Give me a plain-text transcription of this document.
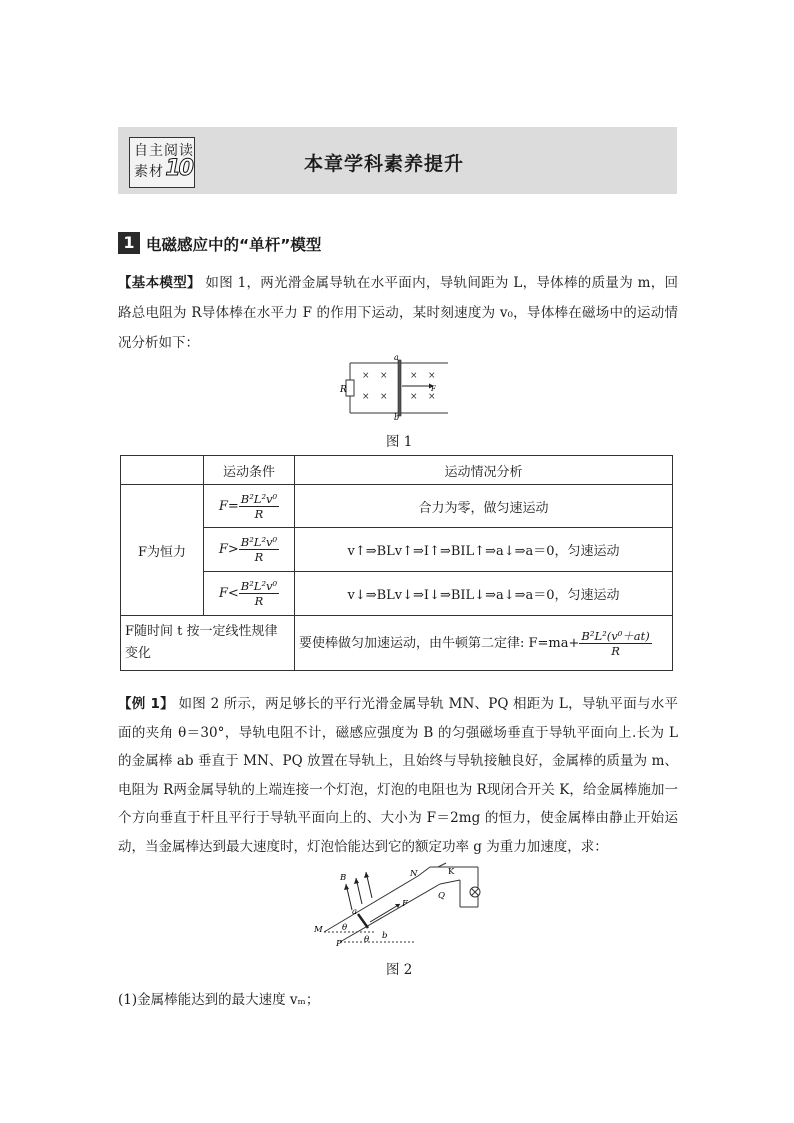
自主阅读
素材 10	本章学科素养提升
1 电磁感应中的“单杆”模型
【基本模型】 如图 1，两光滑金属导轨在水平面内，导轨间距为 L，导体棒的质量为 m，回路总电阻为 R导体棒在水平力 F 的作用下运动，某时刻速度为 v₀，导体棒在磁场中的运动情况分析如下：
R
a
b
× × × ×
× × × ×
F
图 1
	运动条件	运动情况分析
F为恒力	$F= \frac{\text{B²L²v⁰}}{R}$	合力为零，做匀速运动
	$F> \frac{\text{B²L²v⁰}}{R}$	v↑⇒BLv↑⇒I↑⇒BIL↑⇒a↓⇒a＝0，匀速运动
	$F< \frac{\text{B²L²v⁰}}{R}$	v↓⇒BLv↓⇒I↓⇒BIL↓⇒a↓⇒a＝0，匀速运动
F随时间 t 按一定线性规律变化		要使棒做匀加速运动，由牛顿第二定律: $F=ma+ \frac{\text{B²L²(v⁰＋at)}}{R}$
【例 1】 如图 2 所示，两足够长的平行光滑金属导轨 MN、PQ 相距为 L，导轨平面与水平面的夹角 θ＝30°，导轨电阻不计，磁感应强度为 B 的匀强磁场垂直于导轨平面向上.长为 L 的金属棒 ab 垂直于 MN、PQ 放置在导轨上，且始终与导轨接触良好，金属棒的质量为 m、电阻为 R两金属导轨的上端连接一个灯泡，灯泡的电阻也为 R现闭合开关 K，给金属棒施加一个方向垂直于杆且平行于导轨平面向上的、大小为 F＝2mg 的恒力，使金属棒由静止开始运动，当金属棒达到最大速度时，灯泡恰能达到它的额定功率 g 为重力加速度，求：
B	N	K
Q
a
F
M θ
b
P	θ
图 2
(1)金属棒能达到的最大速度 vₘ；
